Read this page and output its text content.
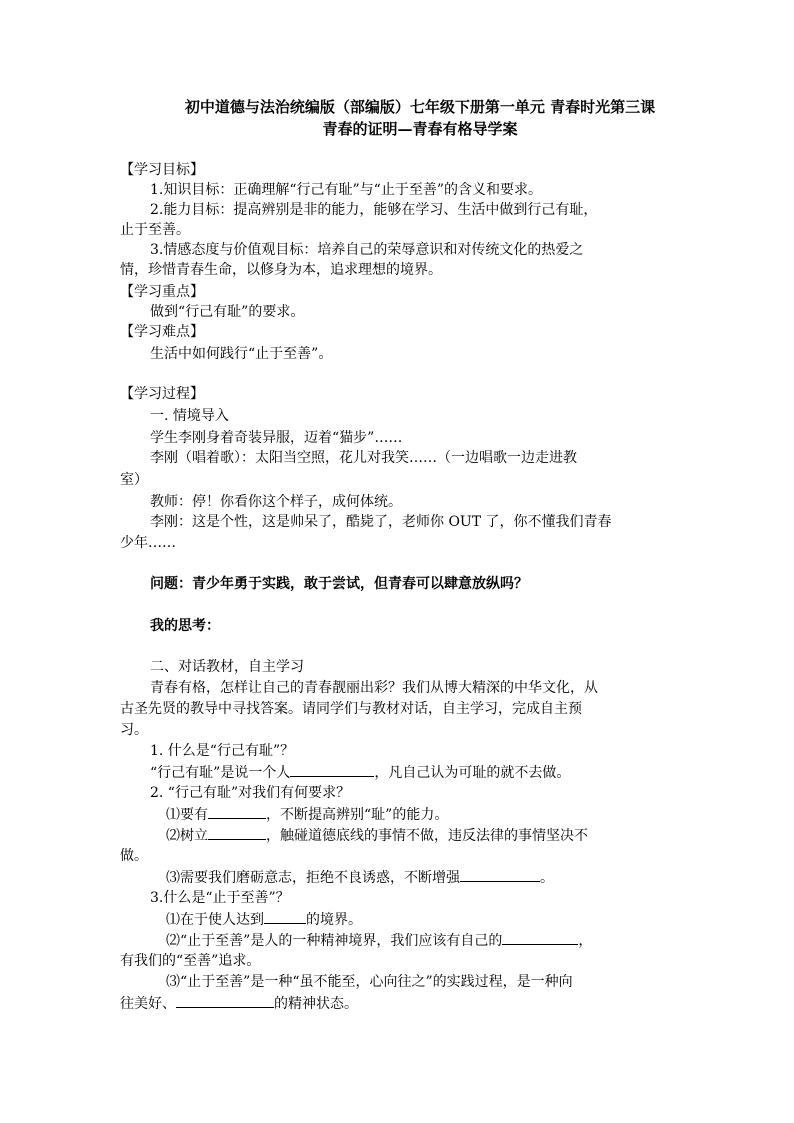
初中道德与法治统编版（部编版）七年级下册第一单元 青春时光第三课
青春的证明—青春有格导学案
【学习目标】
1.知识目标：正确理解“行己有耻”与“止于至善”的含义和要求。
2.能力目标：提高辨别是非的能力，能够在学习、生活中做到行己有耻，
止于至善。
3.情感态度与价值观目标：培养自己的荣辱意识和对传统文化的热爱之
情，珍惜青春生命，以修身为本，追求理想的境界。
【学习重点】
做到“行己有耻”的要求。
【学习难点】
生活中如何践行“止于至善”。
【学习过程】
一. 情境导入
学生李刚身着奇装异服，迈着“猫步”……
李刚（唱着歌）：太阳当空照，花儿对我笑……（一边唱歌一边走进教
室）
教师：停！你看你这个样子，成何体统。
李刚：这是个性，这是帅呆了，酷毙了，老师你 OUT 了，你不懂我们青春
少年……
问题：青少年勇于实践，敢于尝试，但青春可以肆意放纵吗？
我的思考：
二、对话教材，自主学习
青春有格，怎样让自己的青春靓丽出彩？我们从博大精深的中华文化，从
古圣先贤的教导中寻找答案。请同学们与教材对话，自主学习，完成自主预
习。
1. 什么是“行己有耻”？
“行己有耻”是说一个人	，凡自己认为可耻的就不去做。
2. “行己有耻”对我们有何要求？
⑴要有	，不断提高辨别“耻”的能力。
⑵树立	，触碰道德底线的事情不做，违反法律的事情坚决不
做。
⑶需要我们磨砺意志，拒绝不良诱惑，不断增强	。
3.什么是“止于至善”？
⑴在于使人达到	的境界。
⑵“止于至善”是人的一种精神境界，我们应该有自己的	，
有我们的“至善”追求。
⑶“止于至善”是一种“虽不能至，心向往之”的实践过程，是一种向
往美好、	的精神状态。
